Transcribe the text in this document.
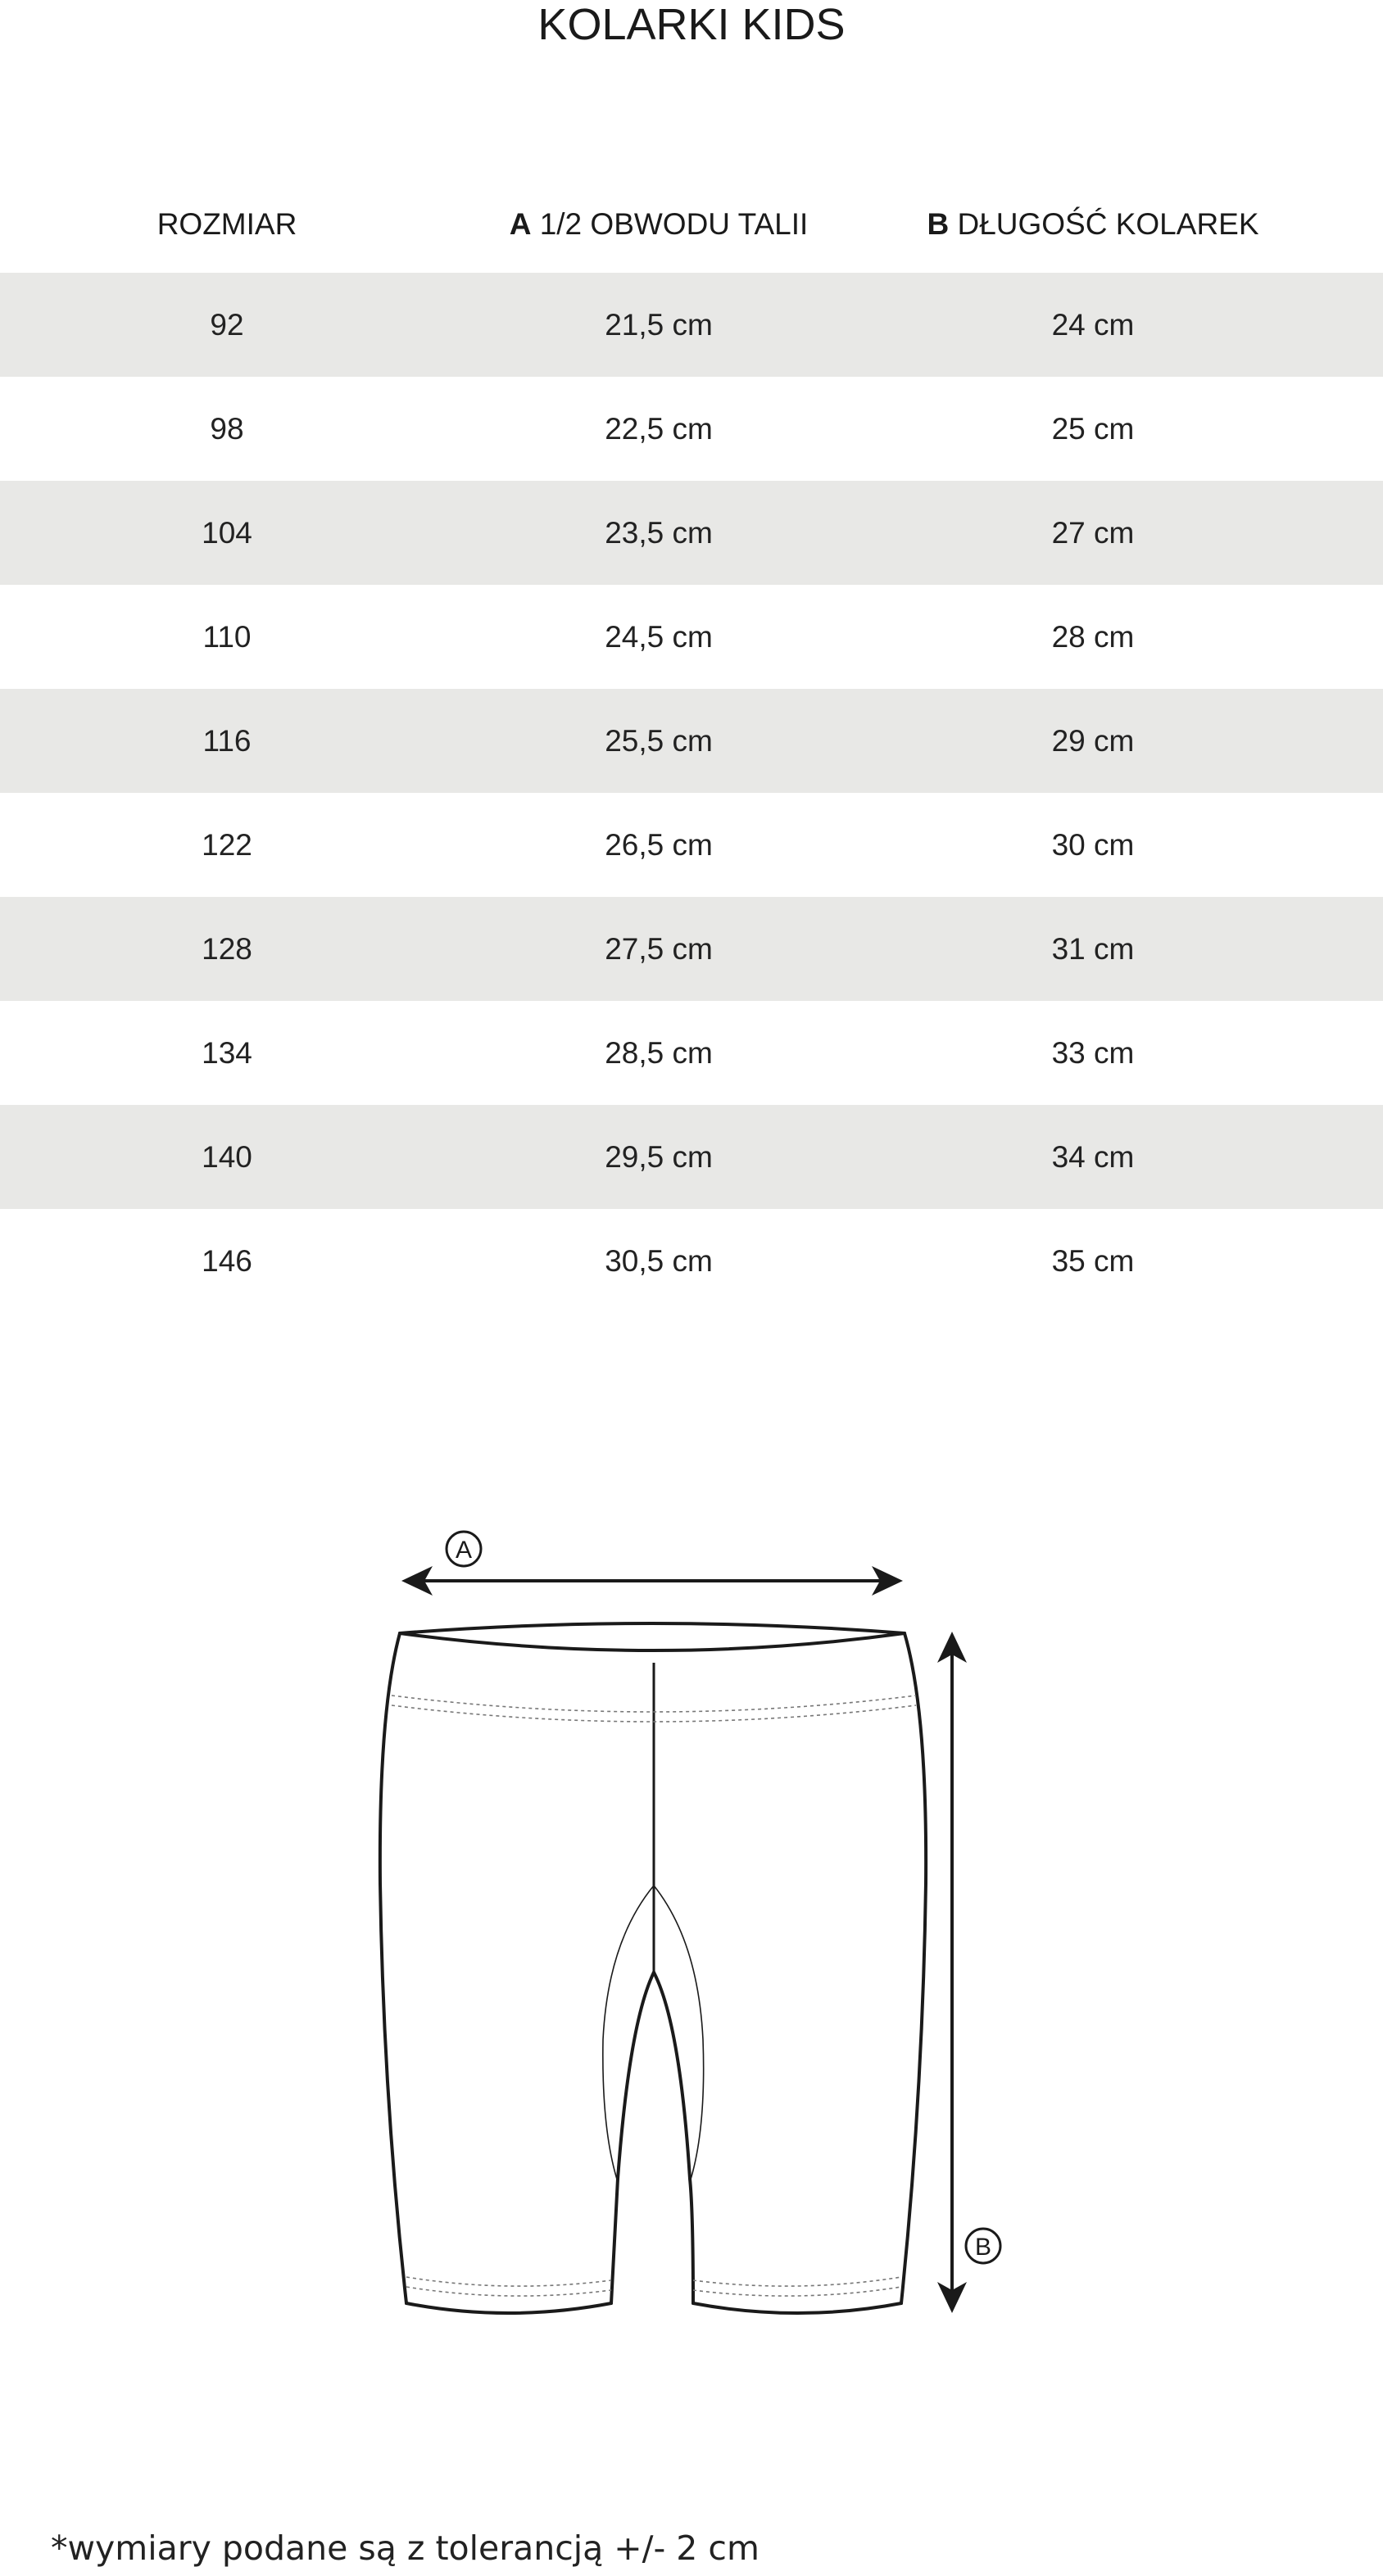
KOLARKI KIDS
ROZMIAR	A 1/2 OBWODU TALII	B DŁUGOŚĆ KOLAREK
92	21,5 cm	24 cm
98	22,5 cm	25 cm
104	23,5 cm	27 cm
110	24,5 cm	28 cm
116	25,5 cm	29 cm
122	26,5 cm	30 cm
128	27,5 cm	31 cm
134	28,5 cm	33 cm
140	29,5 cm	34 cm
146	30,5 cm	35 cm
A
B
*wymiary podane są z tolerancją +/- 2 cm
